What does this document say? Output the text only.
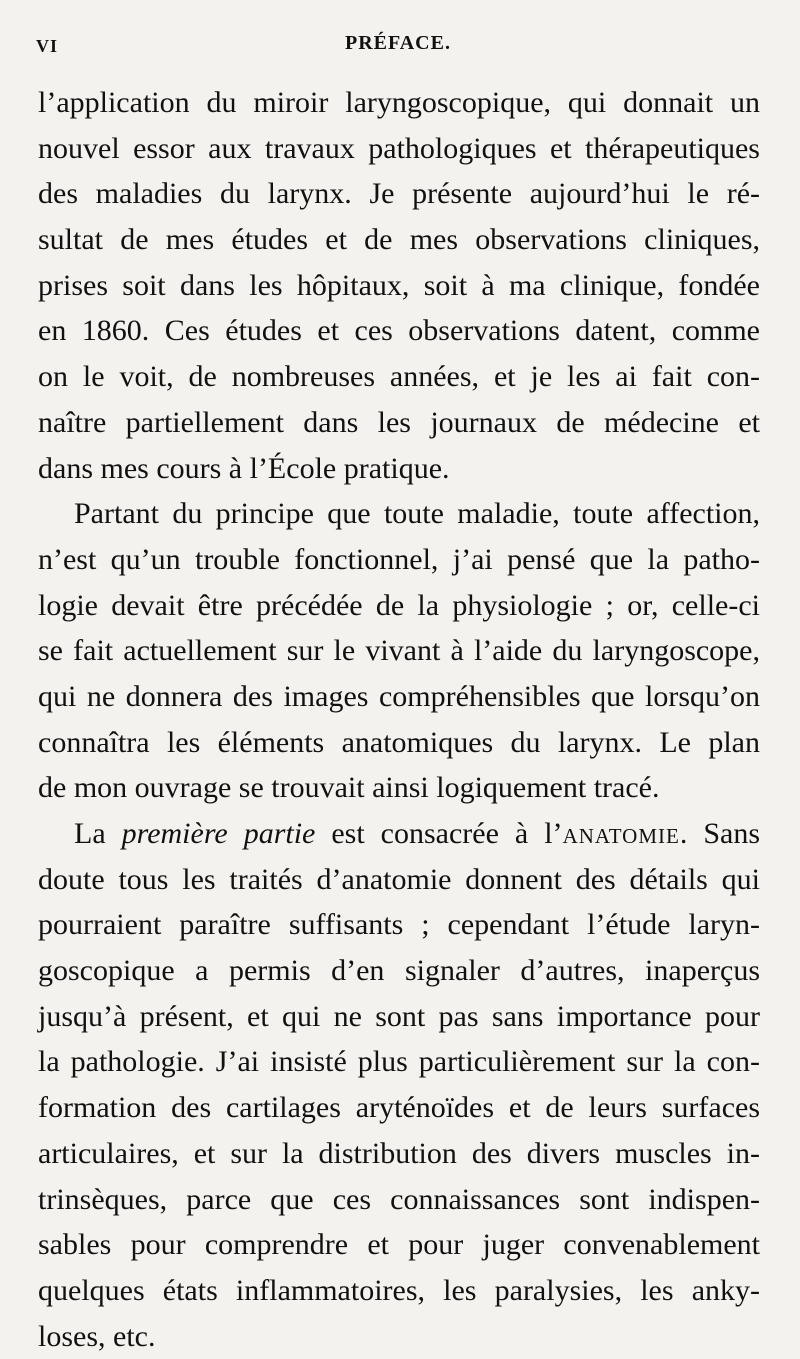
VI	PRÉFACE.
l’application du miroir laryngoscopique, qui donnait un
nouvel essor aux travaux pathologiques et thérapeutiques
des maladies du larynx. Je présente aujourd’hui le ré-
sultat de mes études et de mes observations cliniques,
prises soit dans les hôpitaux, soit à ma clinique, fondée
en 1860. Ces études et ces observations datent, comme
on le voit, de nombreuses années, et je les ai fait con-
naître partiellement dans les journaux de médecine et
dans mes cours à l’École pratique.
Partant du principe que toute maladie, toute affection,
n’est qu’un trouble fonctionnel, j’ai pensé que la patho-
logie devait être précédée de la physiologie ; or, celle-ci
se fait actuellement sur le vivant à l’aide du laryngoscope,
qui ne donnera des images compréhensibles que lorsqu’on
connaîtra les éléments anatomiques du larynx. Le plan
de mon ouvrage se trouvait ainsi logiquement tracé.
La première partie est consacrée à l’anatomie. Sans
doute tous les traités d’anatomie donnent des détails qui
pourraient paraître suffisants ; cependant l’étude laryn-
goscopique a permis d’en signaler d’autres, inaperçus
jusqu’à présent, et qui ne sont pas sans importance pour
la pathologie. J’ai insisté plus particulièrement sur la con-
formation des cartilages aryténoïdes et de leurs surfaces
articulaires, et sur la distribution des divers muscles in-
trinsèques, parce que ces connaissances sont indispen-
sables pour comprendre et pour juger convenablement
quelques états inflammatoires, les paralysies, les anky-
loses, etc.
